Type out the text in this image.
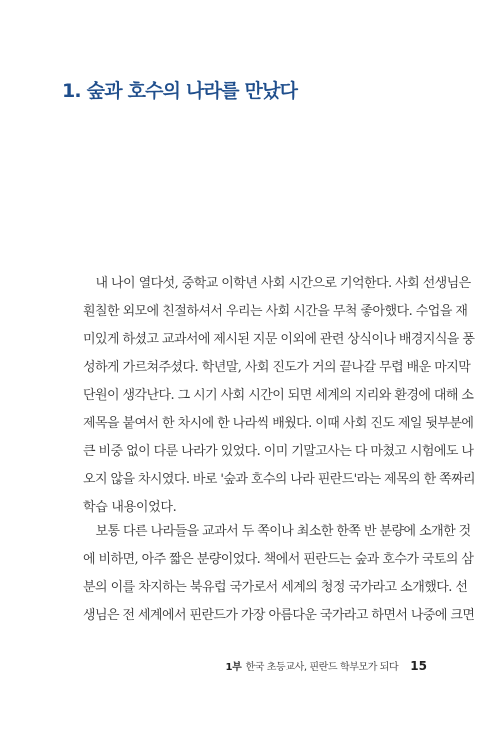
1. 숲과 호수의 나라를 만났다
　내 나이 열다섯, 중학교 이학년 사회 시간으로 기억한다. 사회 선생님은
훤칠한 외모에 친절하셔서 우리는 사회 시간을 무척 좋아했다. 수업을 재
미있게 하셨고 교과서에 제시된 지문 이외에 관련 상식이나 배경지식을 풍
성하게 가르쳐주셨다. 학년말, 사회 진도가 거의 끝나갈 무렵 배운 마지막
단원이 생각난다. 그 시기 사회 시간이 되면 세계의 지리와 환경에 대해 소
제목을 붙여서 한 차시에 한 나라씩 배웠다. 이때 사회 진도 제일 뒷부분에
큰 비중 없이 다룬 나라가 있었다. 이미 기말고사는 다 마쳤고 시험에도 나
오지 않을 차시였다. 바로 '숲과 호수의 나라 핀란드'라는 제목의 한 쪽짜리
학습 내용이었다.
　보통 다른 나라들을 교과서 두 쪽이나 최소한 한쪽 반 분량에 소개한 것
에 비하면, 아주 짧은 분량이었다. 책에서 핀란드는 숲과 호수가 국토의 삼
분의 이를 차지하는 북유럽 국가로서 세계의 청정 국가라고 소개했다. 선
생님은 전 세계에서 핀란드가 가장 아름다운 국가라고 하면서 나중에 크면
1부 한국 초등교사, 핀란드 학부모가 되다 15
